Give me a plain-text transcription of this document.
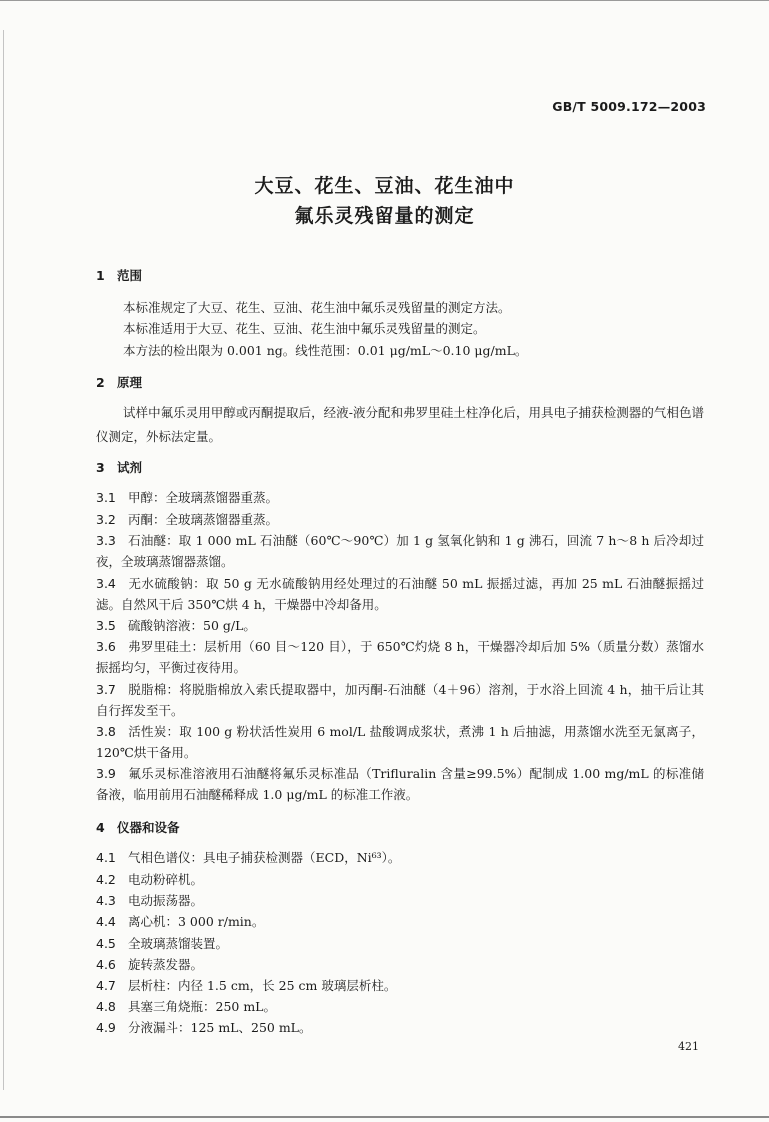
GB/T 5009.172—2003
大豆、花生、豆油、花生油中
氟乐灵残留量的测定
1 范围
本标准规定了大豆、花生、豆油、花生油中氟乐灵残留量的测定方法。
本标准适用于大豆、花生、豆油、花生油中氟乐灵残留量的测定。
本方法的检出限为 0.001 ng。线性范围：0.01 μg/mL～0.10 μg/mL。
2 原理
试样中氟乐灵用甲醇或丙酮提取后，经液-液分配和弗罗里硅土柱净化后，用具电子捕获检测器的气相色谱仪测定，外标法定量。
3 试剂
3.1 甲醇：全玻璃蒸馏器重蒸。
3.2 丙酮：全玻璃蒸馏器重蒸。
3.3 石油醚：取 1 000 mL 石油醚（60℃～90℃）加 1 g 氢氧化钠和 1 g 沸石，回流 7 h～8 h 后冷却过夜，全玻璃蒸馏器蒸馏。
3.4 无水硫酸钠：取 50 g 无水硫酸钠用经处理过的石油醚 50 mL 振摇过滤，再加 25 mL 石油醚振摇过滤。自然风干后 350℃烘 4 h，干燥器中冷却备用。
3.5 硫酸钠溶液：50 g/L。
3.6 弗罗里硅土：层析用（60 目～120 目），于 650℃灼烧 8 h，干燥器冷却后加 5%（质量分数）蒸馏水振摇均匀，平衡过夜待用。
3.7 脱脂棉：将脱脂棉放入索氏提取器中，加丙酮-石油醚（4＋96）溶剂，于水浴上回流 4 h，抽干后让其自行挥发至干。
3.8 活性炭：取 100 g 粉状活性炭用 6 mol/L 盐酸调成浆状，煮沸 1 h 后抽滤，用蒸馏水洗至无氯离子，120℃烘干备用。
3.9 氟乐灵标准溶液用石油醚将氟乐灵标准品（Trifluralin 含量≥99.5%）配制成 1.00 mg/mL 的标准储备液，临用前用石油醚稀释成 1.0 μg/mL 的标准工作液。
4 仪器和设备
4.1 气相色谱仪：具电子捕获检测器（ECD，Ni⁶³）。
4.2 电动粉碎机。
4.3 电动振荡器。
4.4 离心机：3 000 r/min。
4.5 全玻璃蒸馏装置。
4.6 旋转蒸发器。
4.7 层析柱：内径 1.5 cm，长 25 cm 玻璃层析柱。
4.8 具塞三角烧瓶：250 mL。
4.9 分液漏斗：125 mL、250 mL。
421
